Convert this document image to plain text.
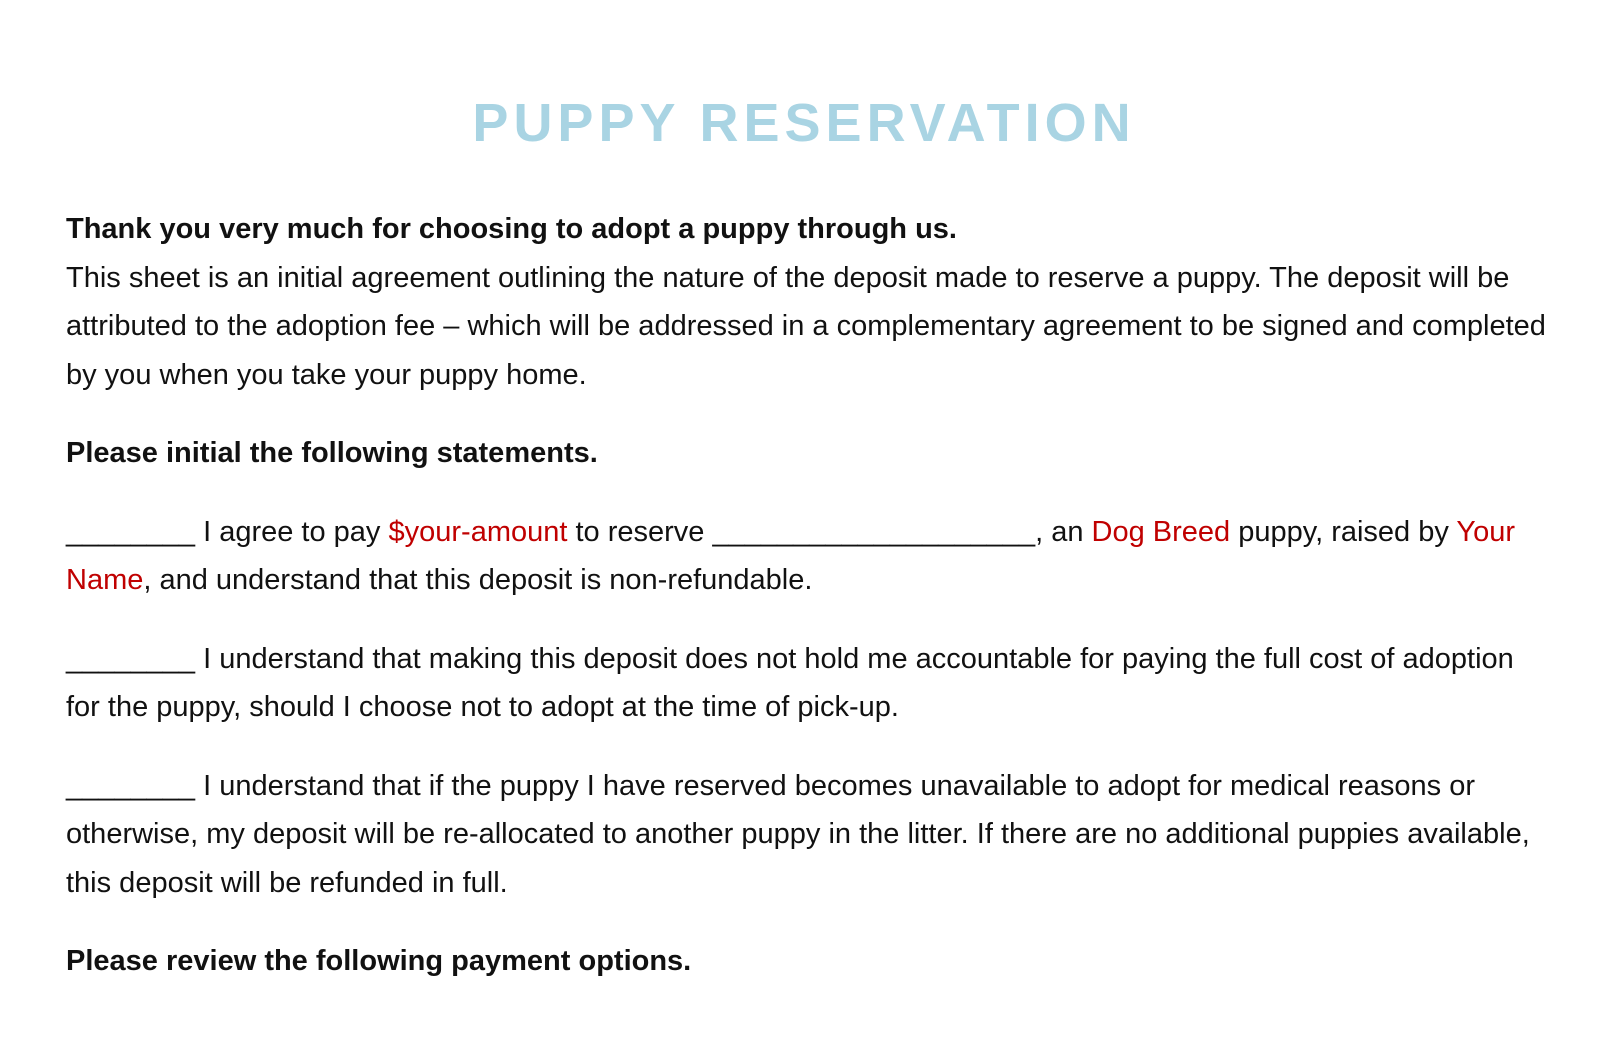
PUPPY RESERVATION

Thank you very much for choosing to adopt a puppy through us.

This sheet is an initial agreement outlining the nature of the deposit made to reserve a puppy. The deposit will be attributed to the adoption fee – which will be addressed in a complementary agreement to be signed and completed by you when you take your puppy home.

Please initial the following statements.

________ I agree to pay $your-amount to reserve ____________________, an Dog Breed puppy, raised by Your Name, and understand that this deposit is non-refundable.

________ I understand that making this deposit does not hold me accountable for paying the full cost of adoption for the puppy, should I choose not to adopt at the time of pick-up.

________ I understand that if the puppy I have reserved becomes unavailable to adopt for medical reasons or otherwise, my deposit will be re-allocated to another puppy in the litter. If there are no additional puppies available, this deposit will be refunded in full.

Please review the following payment options.
